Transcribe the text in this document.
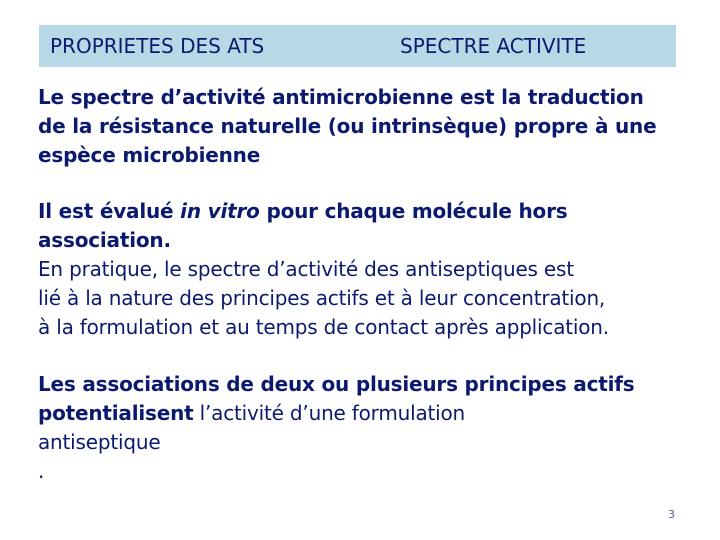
PROPRIETES DES ATS	SPECTRE ACTIVITE

Le spectre d’activité antimicrobienne est la traduction
de la résistance naturelle (ou intrinsèque) propre à une
espèce microbienne

Il est évalué in vitro pour chaque molécule hors
association.
En pratique, le spectre d’activité des antiseptiques est
lié à la nature des principes actifs et à leur concentration,
à la formulation et au temps de contact après application.

Les associations de deux ou plusieurs principes actifs
potentialisent l’activité d’une formulation
antiseptique
.

3
